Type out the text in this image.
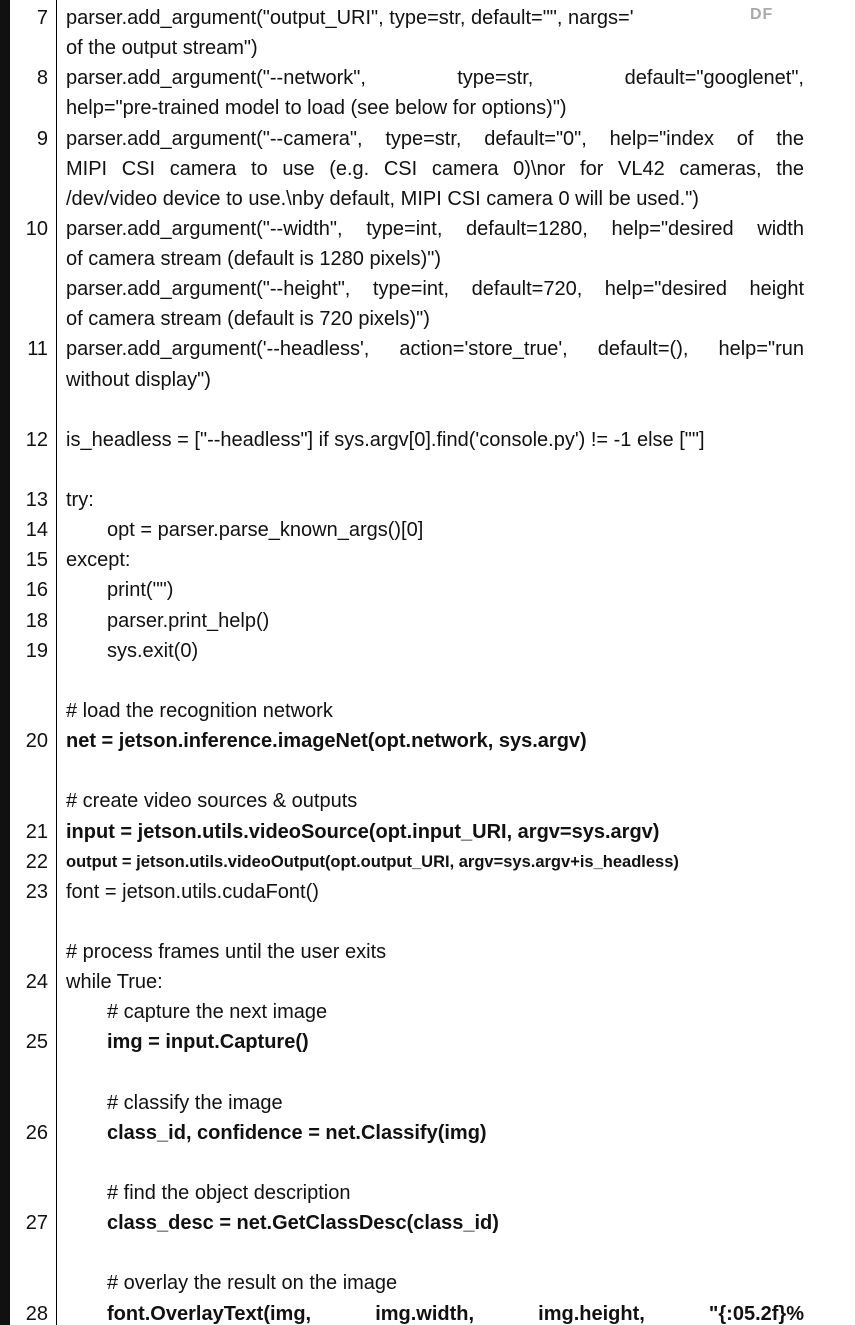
7 parser.add_argument("output_URI", type=str, default="", nargs='
of the output stream")
8 parser.add_argument("--network",          type=str,          default="googlenet",
help="pre-trained model to load (see below for options)")
9 parser.add_argument("--camera", type=str, default="0", help="index of the
MIPI CSI camera to use (e.g. CSI camera 0)\nor for VL42 cameras, the
/dev/video device to use.\nby default, MIPI CSI camera 0 will be used.")
10 parser.add_argument("--width", type=int, default=1280, help="desired width
of camera stream (default is 1280 pixels)")
parser.add_argument("--height", type=int, default=720, help="desired height
of camera stream (default is 720 pixels)")
11 parser.add_argument('--headless', action='store_true', default=(), help="run
without display")
12 is_headless = ["--headless"] if sys.argv[0].find('console.py') != -1 else [""]
13 try:
14	opt = parser.parse_known_args()[0]
15 except:
16	print("")
18	parser.print_help()
19	sys.exit(0)
# load the recognition network
20 net = jetson.inference.imageNet(opt.network, sys.argv)
# create video sources & outputs
21 input = jetson.utils.videoSource(opt.input_URI, argv=sys.argv)
22 output = jetson.utils.videoOutput(opt.output_URI, argv=sys.argv+is_headless)
23 font = jetson.utils.cudaFont()
# process frames until the user exits
24 while True:
# capture the next image
25	img = input.Capture()
# classify the image
26	class_id, confidence = net.Classify(img)
# find the object description
27	class_desc = net.GetClassDesc(class_id)
# overlay the result on the image
28	font.OverlayText(img,          img.width,          img.height,          "{:05.2f}%
DF
